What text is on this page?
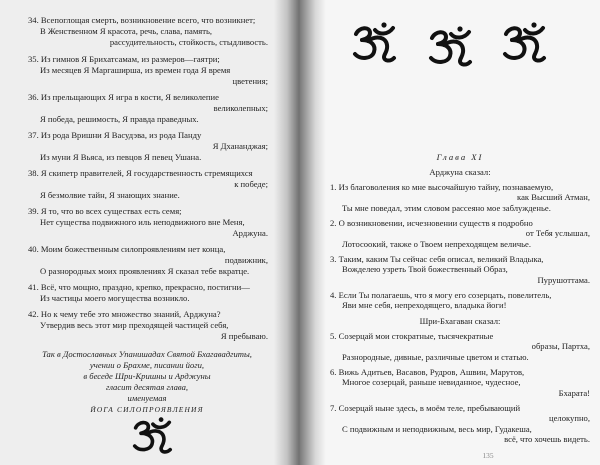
34. Всепоглощая смерть, возникновение всего, что возникнет;
В Женственном Я красота, речь, слава, память,
рассудительность, стойкость, стыдливость.
35. Из гимнов Я Брихатсамам, из размеров—гаятри;
Из месяцев Я Маргаширша, из времен года Я время
цветения;
36. Из прельщающих Я игра в кости, Я великолепие
великолепных;
Я победа, решимость, Я правда праведных.
37. Из рода Вришни Я Васудэва, из рода Панду
Я Дхананджая;
Из муни Я Вьяса, из певцов Я певец Ушана.
38. Я скипетр правителей, Я государственность стремящихся
к победе;
Я безмолвие тайн, Я знающих знание.
39. Я то, что во всех существах есть семя;
Нет существа подвижного иль неподвижного вне Меня,
Арджуна.
40. Моим божественным силопроявлениям нет конца,
подвижник,
О разнородных моих проявлениях Я сказал тебе вкратце.
41. Всё, что мощно, праздно, крепко, прекрасно, постигни—
Из частицы моего могущества возникло.
42. Но к чему тебе это множество знаний, Арджуна?
Утвердив весь этот мир преходящей частицей себя,
Я пребываю.
Так в Достославных Упанишадах Святой Бхагавадгиты,
учении о Брахме, писании йоги,
в беседе Шри-Кришны и Арджуны
гласит десятая глава,
именуемая
ЙОГА СИЛОПРОЯВЛЕНИЯ
Глава XI
Арджуна сказал:
1. Из благоволения ко мне высочайшую тайну, познаваемую,
как Высший Атман,
Ты мне поведал, этим словом рассеяно мое заблужденье.
2. О возникновении, исчезновении существ я подробно
от Тебя услышал,
Лотосоокий, также о Твоем непреходящем величье.
3. Таким, каким Ты сейчас себя описал, великий Владыка,
Вожделею узреть Твой божественный Образ,
Пурушоттама.
4. Если Ты полагаешь, что я могу его созерцать, повелитель,
Яви мне себя, непреходящего, владыка йоги!
Шри-Бхагаван сказал:
5. Созерцай мои стократные, тысячекратные
образы, Партха,
Разнородные, дивные, различные цветом и статью.
6. Вижь Адитьев, Васавов, Рудров, Ашвин, Марутов,
Многое созерцай, раньше невиданное, чудесное,
Бхарата!
7. Созерцай ныне здесь, в моём теле, пребывающий
целокупно,
С подвижным и неподвижным, весь мир, Гудакеша,
всё, что хочешь видеть.
135
